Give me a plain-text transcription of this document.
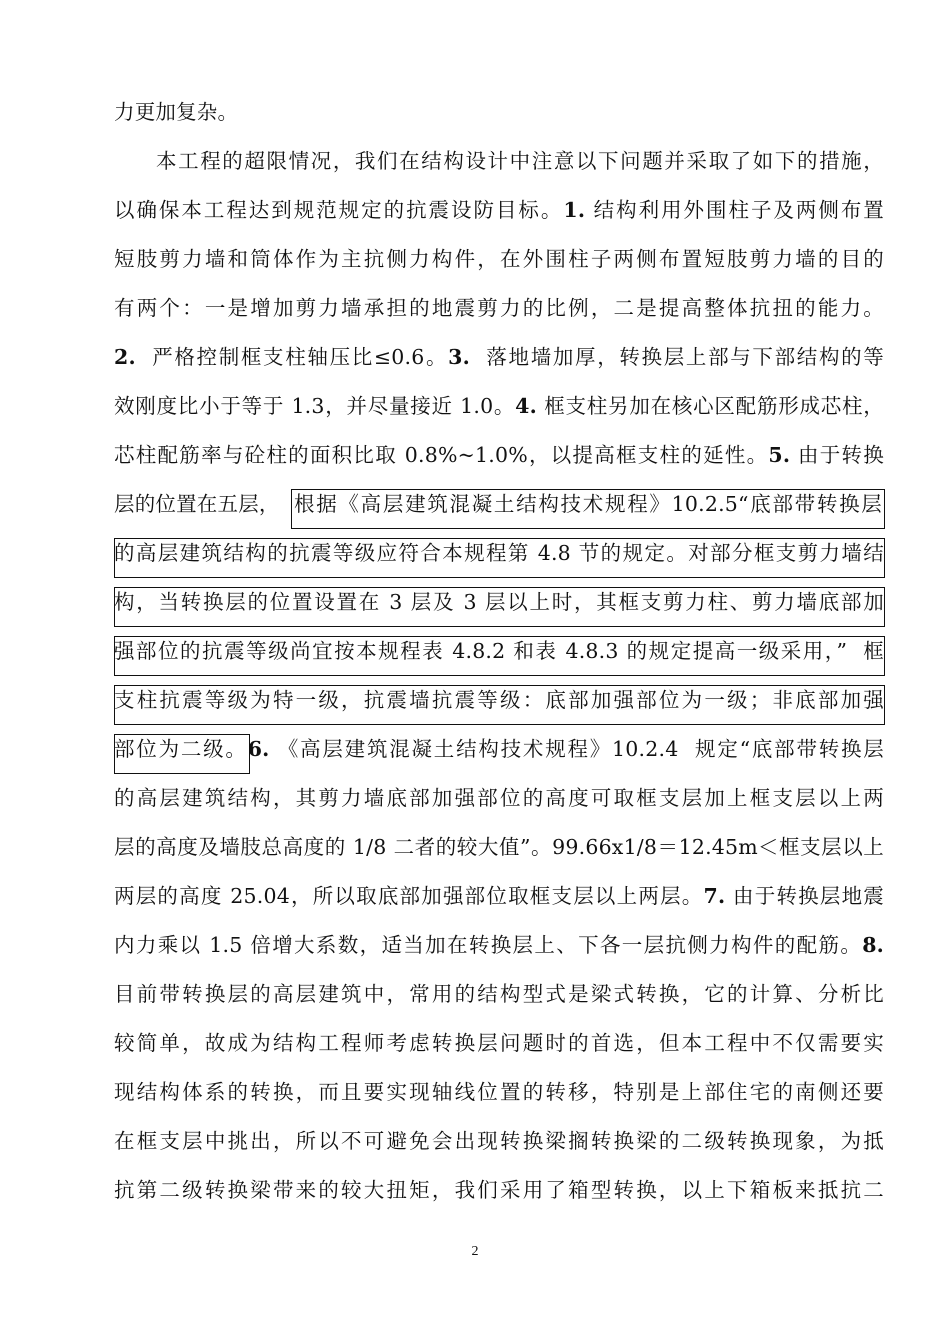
力更加复杂。
本工程的超限情况，我们在结构设计中注意以下问题并采取了如下的措施，
以确保本工程达到规范规定的抗震设防目标。1. 结构利用外围柱子及两侧布置
短肢剪力墙和筒体作为主抗侧力构件，在外围柱子两侧布置短肢剪力墙的目的
有两个：一是增加剪力墙承担的地震剪力的比例，二是提高整体抗扭的能力。
2.  严格控制框支柱轴压比≤0.6。3.  落地墙加厚，转换层上部与下部结构的等
效刚度比小于等于 1.3，并尽量接近 1.0。4. 框支柱另加在核心区配筋形成芯柱，
芯柱配筋率与砼柱的面积比取 0.8%~1.0%，以提高框支柱的延性。5. 由于转换
层的位置在五层， 根据《高层建筑混凝土结构技术规程》10.2.5“底部带转换层
的高层建筑结构的抗震等级应符合本规程第 4.8 节的规定。对部分框支剪力墙结
构，当转换层的位置设置在 3 层及 3 层以上时，其框支剪力柱、剪力墙底部加
强部位的抗震等级尚宜按本规程表 4.8.2 和表 4.8.3 的规定提高一级采用，”  框
支柱抗震等级为特一级，抗震墙抗震等级：底部加强部位为一级；非底部加强
部位为二级。6. 《高层建筑混凝土结构技术规程》10.2.4  规定“底部带转换层
的高层建筑结构，其剪力墙底部加强部位的高度可取框支层加上框支层以上两
层的高度及墙肢总高度的 1/8 二者的较大值”。99.66x1/8＝12.45m＜框支层以上
两层的高度 25.04，所以取底部加强部位取框支层以上两层。7. 由于转换层地震
内力乘以 1.5 倍增大系数，适当加在转换层上、下各一层抗侧力构件的配筋。8.
目前带转换层的高层建筑中，常用的结构型式是梁式转换，它的计算、分析比
较简单，故成为结构工程师考虑转换层问题时的首选，但本工程中不仅需要实
现结构体系的转换，而且要实现轴线位置的转移，特别是上部住宅的南侧还要
在框支层中挑出，所以不可避免会出现转换梁搁转换梁的二级转换现象，为抵
抗第二级转换梁带来的较大扭矩，我们采用了箱型转换，以上下箱板来抵抗二
2
